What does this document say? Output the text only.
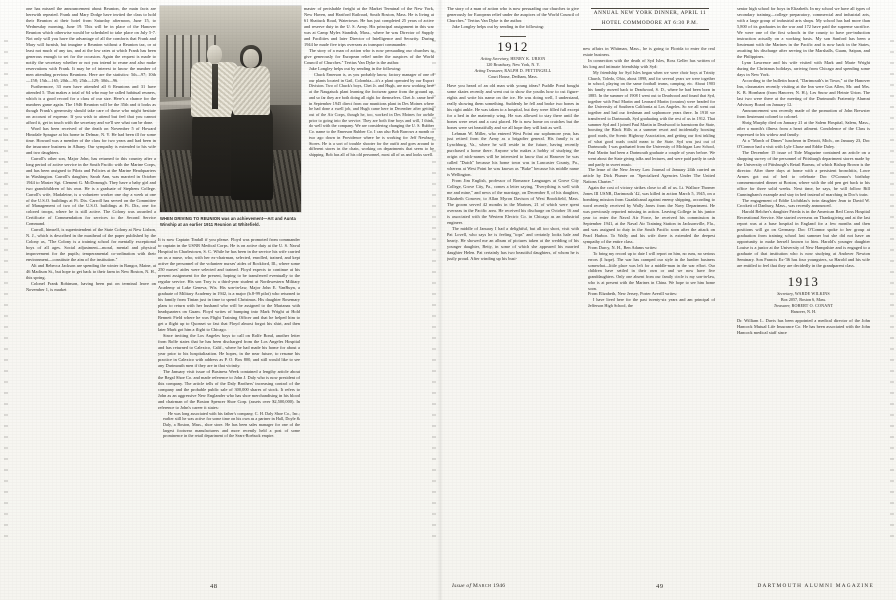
one has missed the announcement about Reunion, the main facts are herewith repeated. Frank and Mary Dodge have invited the class to hold their Reunion at their hotel from Saturday afternoon, June 15, to Wednesday morning, June 19. This will be in place of the Hanover Reunion which otherwise would be scheduled to take place on July 5-7. Not only will you have the advantage of all the comforts that Frank and Mary will furnish, but imagine a Reunion without a Reunion tax, or at least not much of any tax, and at the low rates at which Frank has been generous enough to set for the occasion. Again the request is made to notify the secretary whether or not you intend to reune and also make reservations with Frank. It may be of interest to know the number of men attending previous Reunions. Here are the statistics: 5th—97; 10th—158; 15th—165; 20th—95; 25th—129; 30th—96.

Furthermore, 33 men have attended all 6 Reunions and 31 have attended 5. That makes a total of 64 who may be called habitual reuners, which is a good record for a class of our size. Here's a chance for the numbers game again. The 1946 Reunion will be the 35th and it looks as though Frank's generosity should take care of those who might hesitate on account of expense. If you wish to attend but feel that you cannot afford it, get in touch with the secretary and we'll see what can be done.

Word has been received of the death on November 5 of Howard Hinsdale Sprague at his home in Delmar, N. Y. He had been ill for some time. Howard was a member of the class for two years and had been in the insurance business in Albany. Our sympathy is extended to his wife and two daughters.

Carroll's other son, Major John, has returned to this country after a long period of active service in the South Pacific with the Marine Corps, and has been assigned to Pilots and Policies at the Marine Headquarters in Washington. Carroll's daughter, Sarah Ann, was married in October 1944 to Master Sgt. Clement G. McDonough. They have a baby girl and two grandchildren of his own. He is a graduate of Stephens College. Carroll's wife, Madaleine, is a volunteer worker one day a week at one of the U.S.O. buildings at Ft. Dix. Carroll has served on the Committee of Management of two of the U.S.O. buildings at Ft. Dix, one for colored troops, where he is still active. The Colony was awarded a Certificate of Commendation for services to the Second Service Command.

Carroll, himself, is superintendent of the State Colony at New Lisbon, N. J., which is described in the masthead of the paper published by the Colony as, "The Colony is a training school for mentally exceptional boys of all ages. Social adjustment—moral, mental and physical improvement for the pupils; temperamental co-ordination with their environment—constitute the aim of the institution."

Alt and Rebecca Jackson are spending the winter in Bangor, Maine, at 46 Madison St., but hope to get back to their farm in New Boston, N. H., this spring.

Colonel Frank Robinson, having been put on terminal leave on November 1, is market

WHEN DRIVING TO REUNION was an achievement—Art and Aunta Winship at an earlier 1911 Reunion at Whitefield.

It is now Captain Tindall if you please. Floyd was promoted from commander to captain in the USNR Medical Corps. He is on active duty at the U. S. Naval Hospital in Charlestown, S. C. While he has been in the service his wife carried on as a nurse, who, with her ex-chairman, selected, enrolled, trained, and kept active the personnel of the volunteer nurses' aides of Rockford, Ill., where some 250 nurses' aides were selected and trained. Floyd expects to continue at his present assignment for the present, hoping to be transferred eventually to the regular service. His son Troy is a third-year student at Northwestern Military Academy at Lake Geneva, Wis. His son-in-law, Major John E. VanBuyn, a graduate of Military Academy in 1942, is a major (b.8-99 pilot) who returned to his family from Tinian just in time to spend Christmas. His daughter Rosemary plans to return with her husband who will be assigned to the Marianas with headquarters on Guam. Floyd writes of bumping into Mark Wright at Hold Bennett Field where he was Flight Training Officer and that he helped him to get a flight up to Quonset so fast that Floyd almost forgot his shirt, and then later Mark got him a flight to Chicago.

Since inviting the Los Angeles boys to call on Rolfe Bond, another letter from Rolfe states that he has been discharged from the Los Angeles Hospital and has returned to Calexico, Calif., where he had made his home for about a year prior to his hospitalization. He hopes, in the near future, to resume his practice in Calexico with address as P. O. Box 800, and still would like to see any Dartmouth men if they are in that vicinity.

The January visit issue of Business Week contained a lengthy article about the Regal Shoe Co. and made reference to John J. Daly who is now president of this company. The article tells of the Daly Brothers' increasing control of the company and the probable public sale of 300,000 shares of stock. It refers to John as an aggressive New Englander who has shoe merchandising in his blood and chairman of the Boston Spencer Shoe Corp. (assets over $2,500,000). In reference to John's career it states:

He was long associated with his father's company, C. H. Daly Shoe Co., Inc.; earlier still he was active for some time on his own as a partner in Hall, Doyle & Daly, a Boston, Mass., shoe store. He has been sales manager for one of the largest footwear manufacturers and more recently held a post of some prominence in the retail department of the Sears-Roebuck empire.

master of perishable freight at the Market Terminal of the New York, New Haven, and Hartford Railroad, South Boston, Mass. He is living at 61 Shattuck Road, Watertown. He has just completed 25 years of active and reserve duty in the U. S. Army. His principal assignment in this war was at Camp Myles Standish, Mass., where he was Director of Supply and Facilities and later Director of Intelligence and Security. During 1944 he made five trips overseas as transport commander.

The story of a man of action who is now persuading our churches to give generously for European relief under the auspices of the World Council of Churches." Tertius Van Dyke is the author.

Jake Longley helps out by sending in the following:

Chuck Emerson is, as you probably know, factory manager of one of our plants located in Gail, Colombia—it's a plant operated by our Export Division. Two of Chuck's boys, Chet Jr. and Hugh, are now working here at the Naugatuck plant learning the footwear game from the ground up, and so far they are both doing all right for themselves. Chet Jr. came here in September 1945 direct from our munitions plant in Des Moines where he had done a swell job, and Hugh came here in December after getting out of the Air Corps, though he, too, worked in Des Moines for awhile prior to going into the service. They are both fine boys and will, I think, do well with the company. We are considering changing the U. S. Rubber Co. name to the Emerson Rubber Co. I can also Bob Barrows a month or two ago down in Providence where he is working for Jeff Newbury Stores. He is a sort of trouble shooter for the outfit and goes around to different stores in the chain, working on departments that seem to be shipping. Bob has all of his old personnel, most all of us and looks swell.

The story of a man of action who is now persuading our churches to give generously for European relief under the auspices of the World Council of Churches." Tertius Van Dyke is the author.

Jake Longley helps out by sending in the following:

1912
Acting Secretary, HENRY K. URION
120 Broadway, New York, N. Y.
Acting Treasurer, RALPH D. PETTINGELL
Court House, Dedham, Mass.

Have you heard of an old man with young ideas? Puddle Pond bought some skates recently and went out to show the youths how to cut figure-eights and write his name on the ice. He was doing well, I understand, really showing them something. Suddenly he fell and broke two bones in his right ankle. He was taken to a hospital, but they were filled full except for a bed in the maternity wing. He was allowed to stay there until the bones were reset and a cast placed. He is now home on crutches but the bones were set beautifully and we all hope they will knit as well.

Lehman W. Miller, who entered West Point our sophomore year, has just retired from the Army as a brigadier general. His family is at Lynchburg, Va., where he will reside in the future, having recently purchased a home there. Anyone who makes a hobby of studying the origin of nick-names will be interested to know that at Hanover he was called "Dutch" because his home town was in Lancaster County, Pa., whereas at West Point he was known as "Buke" because his middle name is Wellington.

From Jim English, professor of Romance Languages at Grove City College, Grove City, Pa., comes a letter saying, "Everything is well with me and mine," and news of the marriage, on December 8, of his daughter, Elizabeth Conover, to Allan Myron Davison of West Brookfield, Mass. The groom served 42 months in the Marines, 21 of which were spent overseas in the Pacific area. He received his discharge on October 16 and is associated with the Western Electric Co. in Chicago as an industrial engineer.

The middle of January I had a delightful, but all too short, visit with Pat Lovell, who says he is feeling "tops" and certainly looks hale and hearty. He showed me an album of pictures taken at the wedding of his younger daughter, Betty, in some of which she appeared his married daughter Helen. Pat certainly has two beautiful daughters, of whom he is justly proud. After winding up his busi-

ANNUAL NEW YORK DINNER, APRIL 11
HOTEL COMMODORE AT 6:30 P.M.

new affairs in Whitman, Mass., he is going to Florida to enter the real estate business.

In connection with the death of Syd Isles, Ross Geller has written of his long and intimate friendship with Syd:

My friendship for Syd Isles began when we were choir boys at Trinity Church, Toledo, Ohio, about 1898, and for several years we were together in school, playing on the same football teams, camping, etc. About 1903 his family moved back to Deadwood, S. D., where he had been born in 1885. In the summer of 1908 I went out to Deadwood and found that Syd, together with Paul Martin and Leonard Martin (cousins) were headed for the University of Southern California at Los Angeles. So we all went out together and had our freshman and sophomore years there. In 1910 we transferred to Dartmouth, Syd graduating with the rest of us in 1912. That summer Syd and I joined Paul Martin in Deadwood to barnstorm the State, boosting the Black Hills as a summer resort and incidentally boosting good roads, the Scenic Highway Association, and getting our first inkling of what good roads could mean to the State. Syd was just out of Dartmouth; I was graduated from the University of Michigan Law School, Paul Martin had been a Dartmouth graduate a couple of years before. We went about the State giving talks and lectures, and were paid partly in cash and partly in sweet music.

The lease of the New Jersey Law Journal of January 24th carried an article by Dick Plumer on "Specialized Agencies Under The United Nations Charter."

Again the cost of victory strikes close to all of us. Lt. Wallace Thorner Jones III USNR, Dartmouth '42, was killed in action March 5, 1945, on a bombing mission from Guadalcanal against enemy shipping, according to word recently received by Wally Jones from the Navy Department. He was previously reported missing in action. Leaving College in his junior year to enter the Naval Air Force, he received his commission in September 1941, at the Naval Air Training Station in Jacksonville, Fla., and was assigned to duty in the South Pacific soon after the attack on Pearl Harbor. To Wally and his wife there is extended the deepest sympathy of the entire class.

From Darcy, N. H., Ben Adams writes:

To bring my record up to date I will report on him, no runs, no serious errors (I hope). The war has cramped our style in the lumber business somewhat—little place was left for a middle-man in the war effort. Our children have settled in their own or and we now have five granddaughters. Only one absent from our family circle is my son-in-law, who is at present with the Marines in China. We hope to see him home soon.

From Elizabeth, New Jersey, Porter Averill writes:

I have lived here for the past twenty-six years and am principal of Jefferson High School, the

senior high school for boys in Elizabeth. In my school we have all types of secondary training—college preparatory, commercial and industrial arts, with a large group of industrial arts shops. My school has had more than 5,800 of its graduates in the war and 172 have paid the supreme sacrifice. We were one of the first schools in the county to have pre-induction instruction actually on a working basis. My son Sanford has been a lieutenant with the Marines in the Pacific and is now back in the States, awaiting his discharge after serving in the Marshalls, Guam, Saipan, and the Philippines.

Lynn Lawrence and his wife visited with Mark and Marie Wright during the Christmas holidays, arriving from Chicago and spending some days in New York.

According to the bulletin board, "Dartmouth's in Town," at the Hanover Inn, classmates recently visiting at the Inn were Gus Allen, Mr. and Mrs. K. B. Hornbarn (from Hanover, N. H.), Les Snow and Heinie Urion. The last two were there at the meeting of the Dartmouth Fraternity Alumni Advisory Board on January 12.

Announcement was recently made of the promotion of John Brewster from lieutenant colonel to colonel.

Shrig Murphy died on January 21 at the Salem Hospital, Salem, Mass., after a month's illness from a heart ailment. Condolence of the Class is expressed to his widow and family.

At a "March of Dimes" luncheon in Detroit, Mich., on January 23, Doc O'Connor had a visit with Lyle Chase and Eddie Daley.

The December 15 issue of Tide Magazine contained an article on a shopping survey of the personnel of Pittsburgh department stores made by the University of Pittsburgh's Retail Bureau, of which Bishop Brown is the director. After three days at home with a persistent bronchitis, Lowe Armes got out of bed to celebrate Doc O'Connor's birthday commemorated dinner at Boston, where with the old pen get back to his office for three solid weeks. Next time, he says, he will follow Bill Cunningham's example and stay in bed instead of marching in Doc's train.

The engagement of Eddie Lichtblau's twin daughter Jean to David W. Crockett of Danbury, Mass., was recently announced.

Harold Belcher's daughter Frieda is in the American Red Cross Hospital Recreational Service. She started overseas on Thanksgiving and at the last report was at a base hospital in England for a few months and then positions will go on Germany. Doc O'Connor spoke to her group at graduation from training school last summer but she did not have an opportunity to make herself known to him. Harold's younger daughter Louise is a junior at the University of New Hampshire and is engaged to a graduate of that institution who is now studying at Andover Newton Seminary. Son Francis Ex-'36 has four youngsters, so Harold and his wife are entitled to feel that they are decidedly in the grandparent class.

1913
Secretary, WARDE WILKINS
Box 2057, Boston 6, Mass.
Treasurer, ROBERT O. CONANT
Hanover, N. H.

Dr. William L. Davis has been appointed a medical director of the John Hancock Mutual Life Insurance Co. He has been associated with the John Hancock medical staff since

48	DARTMOUTH ALUMNI MAGAZINE
Issue of March 1946	49
